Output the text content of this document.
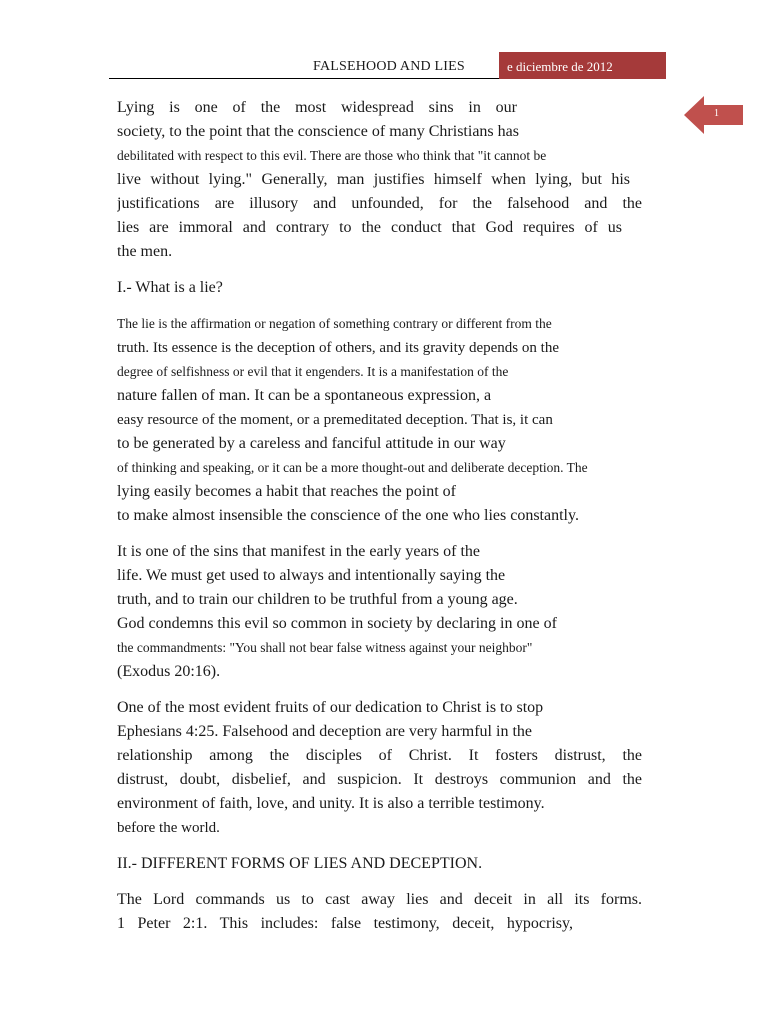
FALSEHOOD AND LIES	e diciembre de 2012
1
Lying is one of the most widespread sins in our
society, to the point that the conscience of many Christians has
debilitated with respect to this evil. There are those who think that "it cannot be
live without lying." Generally, man justifies himself when lying, but his
justifications are illusory and unfounded, for the falsehood and the
lies are immoral and contrary to the conduct that God requires of us
the men.
I.- What is a lie?
The lie is the affirmation or negation of something contrary or different from the
truth. Its essence is the deception of others, and its gravity depends on the
degree of selfishness or evil that it engenders. It is a manifestation of the
nature fallen of man. It can be a spontaneous expression, a
easy resource of the moment, or a premeditated deception. That is, it can
to be generated by a careless and fanciful attitude in our way
of thinking and speaking, or it can be a more thought-out and deliberate deception. The
lying easily becomes a habit that reaches the point of
to make almost insensible the conscience of the one who lies constantly.
It is one of the sins that manifest in the early years of the
life. We must get used to always and intentionally saying the
truth, and to train our children to be truthful from a young age.
God condemns this evil so common in society by declaring in one of
the commandments: "You shall not bear false witness against your neighbor"
(Exodus 20:16).
One of the most evident fruits of our dedication to Christ is to stop
Ephesians 4:25. Falsehood and deception are very harmful in the
relationship among the disciples of Christ. It fosters distrust, the
distrust, doubt, disbelief, and suspicion. It destroys communion and the
environment of faith, love, and unity. It is also a terrible testimony.
before the world.
II.- DIFFERENT FORMS OF LIES AND DECEPTION.
The Lord commands us to cast away lies and deceit in all its forms.
1 Peter 2:1. This includes: false testimony, deceit, hypocrisy,
